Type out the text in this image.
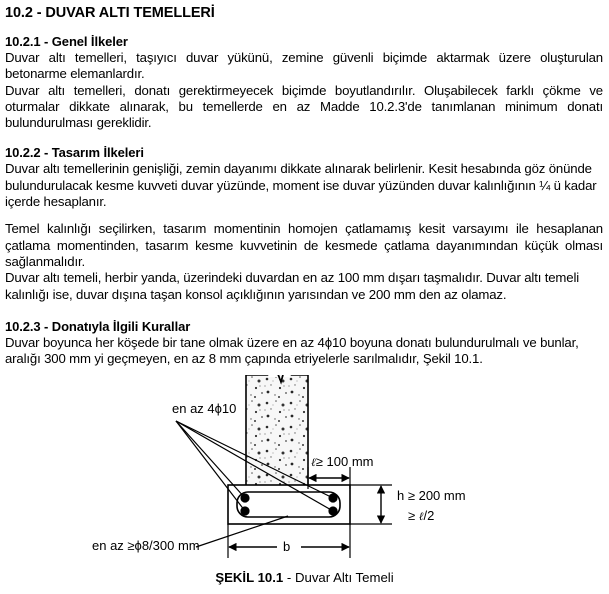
10.2 - DUVAR ALTI TEMELLERİ
10.2.1 - Genel İlkeler

Duvar altı temelleri, taşıyıcı duvar yükünü, zemine güvenli biçimde aktarmak üzere oluşturulan betonarme elemanlardır.

Duvar altı temelleri, donatı gerektirmeyecek biçimde boyutlandırılır. Oluşabilecek farklı çökme ve oturmalar dikkate alınarak, bu temellerde en az Madde 10.2.3'de tanımlanan minimum donatı bulundurulması gereklidir.

10.2.2 - Tasarım İlkeleri

Duvar altı temellerinin genişliği, zemin dayanımı dikkate alınarak belirlenir. Kesit hesabında göz önünde bulundurulacak kesme kuvveti duvar yüzünde, moment ise duvar yüzünden duvar kalınlığının ¼ ü kadar içerde hesaplanır.

Temel kalınlığı seçilirken, tasarım momentinin homojen çatlamamış kesit varsayımı ile hesaplanan çatlama momentinden, tasarım kesme kuvvetinin de kesmede çatlama dayanımından küçük olması sağlanmalıdır.

Duvar altı temeli, herbir yanda, üzerindeki duvardan en az 100 mm dışarı taşmalıdır. Duvar altı temeli kalınlığı ise, duvar dışına taşan konsol açıklığının yarısından ve 200 mm den az olamaz.

10.2.3 - Donatıyla İlgili Kurallar

Duvar boyunca her köşede bir tane olmak üzere en az 4ϕ10 boyuna donatı bulundurulmalı ve bunlar, aralığı 300 mm yi geçmeyen, en az 8 mm çapında etriyelerle sarılmalıdır, Şekil 10.1.

en az 4ϕ10
en az ≥ϕ8/300 mm
ℓ≥ 100 mm
h ≥ 200 mm
≥ ℓ/2
b
ŞEKİL 10.1 - Duvar Altı Temeli
